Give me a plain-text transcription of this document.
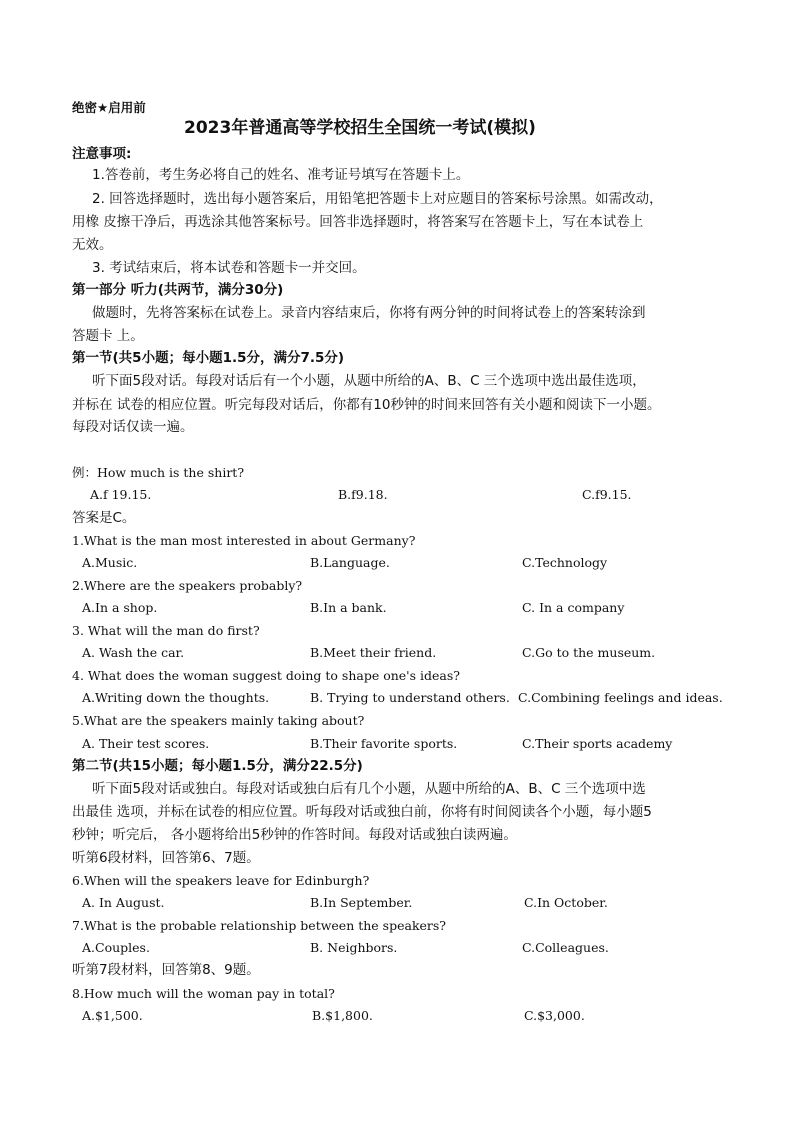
绝密★启用前
2023年普通高等学校招生全国统一考试(模拟)
注意事项:
1.答卷前，考生务必将自己的姓名、准考证号填写在答题卡上。
2. 回答选择题时，选出每小题答案后，用铅笔把答题卡上对应题目的答案标号涂黑。如需改动，
用橡 皮擦干净后，再选涂其他答案标号。回答非选择题时，将答案写在答题卡上，写在本试卷上
无效。
3. 考试结束后，将本试卷和答题卡一并交回。
第一部分 听力(共两节，满分30分)
做题时，先将答案标在试卷上。录音内容结束后，你将有两分钟的时间将试卷上的答案转涂到
答题卡 上。
第一节(共5小题；每小题1.5分，满分7.5分)
听下面5段对话。每段对话后有一个小题，从题中所给的A、B、C 三个选项中选出最佳选项，
并标在 试卷的相应位置。听完每段对话后，你都有10秒钟的时间来回答有关小题和阅读下一小题。
每段对话仅读一遍。
例：How much is the shirt?
A.f 19.15.	B.f9.18.	C.f9.15.
答案是C。
1.What is the man most interested in about Germany?
A.Music.	B.Language.	C.Technology
2.Where are the speakers probably?
A.In a shop.	B.In a bank.	C. In a company
3. What will the man do first?
A. Wash the car.	B.Meet their friend.	C.Go to the museum.
4. What does the woman suggest doing to shape one's ideas?
A.Writing down the thoughts.	B. Trying to understand others. C.Combining feelings and ideas.
5.What are the speakers mainly taking about?
A. Their test scores.	B.Their favorite sports.	C.Their sports academy
第二节(共15小题；每小题1.5分，满分22.5分)
听下面5段对话或独白。每段对话或独白后有几个小题，从题中所给的A、B、C 三个选项中选
出最佳 选项，并标在试卷的相应位置。听每段对话或独白前，你将有时间阅读各个小题，每小题5
秒钟；听完后， 各小题将给出5秒钟的作答时间。每段对话或独白读两遍。
听第6段材料，回答第6、7题。
6.When will the speakers leave for Edinburgh?
A. In August.	B.In September.	C.In October.
7.What is the probable relationship between the speakers?
A.Couples.	B. Neighbors.	C.Colleagues.
听第7段材料，回答第8、9题。
8.How much will the woman pay in total?
A.$1,500.	B.$1,800.	C.$3,000.
